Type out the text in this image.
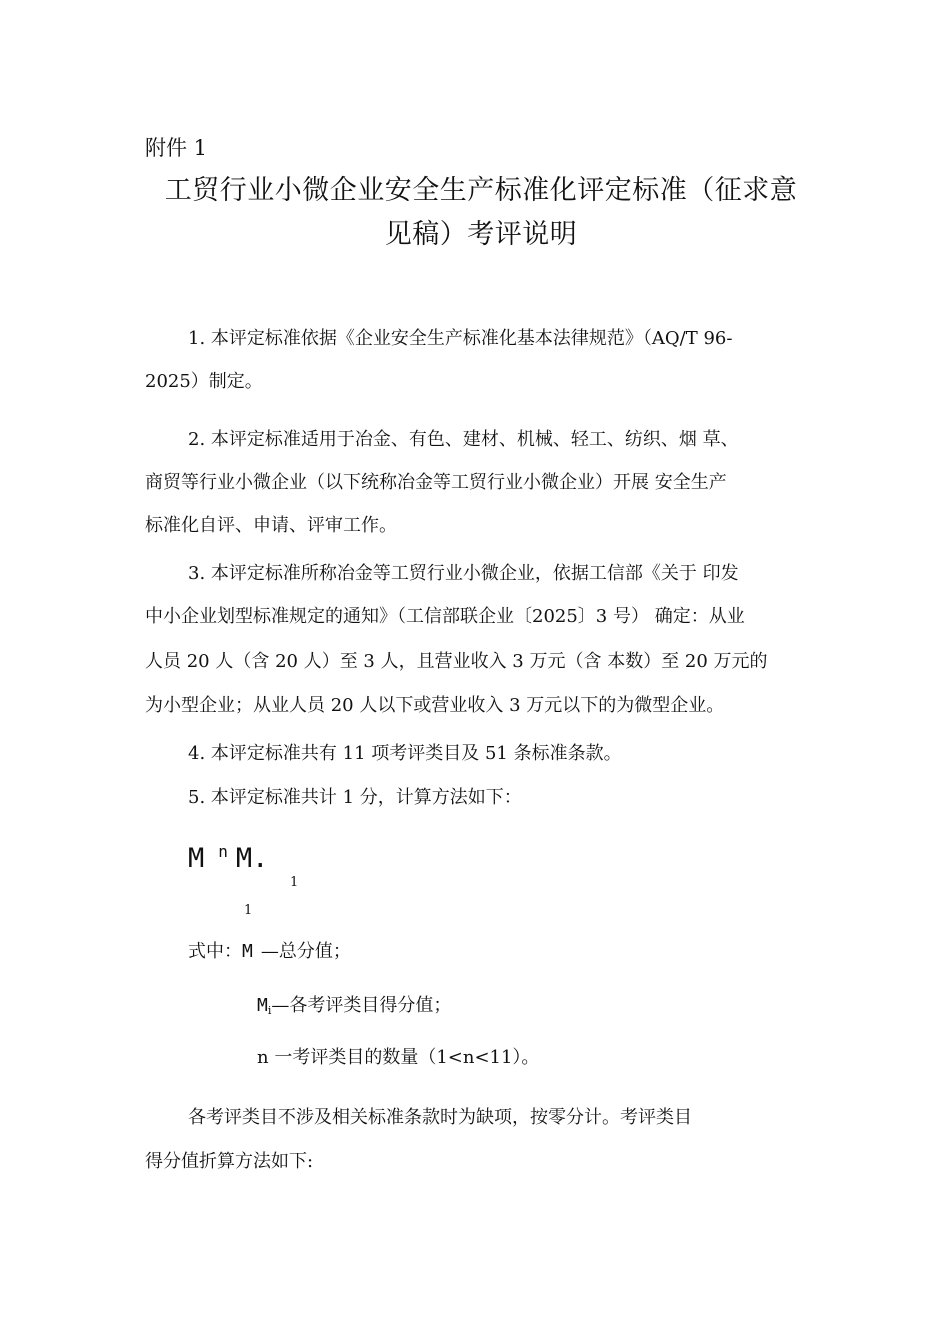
附件 1

工贸行业小微企业安全生产标准化评定标准（征求意

见稿）考评说明

1. 本评定标准依据《企业安全生产标准化基本法律规范》（AQ/T 96-

2025）制定。

2. 本评定标准适用于冶金、有色、建材、机械、轻工、纺织、烟 草、

商贸等行业小微企业（以下统称冶金等工贸行业小微企业）开展 安全生产

标准化自评、申请、评审工作。

3. 本评定标准所称冶金等工贸行业小微企业，依据工信部《关于 印发

中小企业划型标准规定的通知》（工信部联企业〔2025〕3 号） 确定：从业

人员 20 人（含 20 人）至 3 人，且营业收入 3 万元（含 本数）至 20 万元的

为小型企业；从业人员 20 人以下或营业收入 3 万元以下的为微型企业。

4. 本评定标准共有 11 项考评类目及 51 条标准条款。

5. 本评定标准共计 1 分，计算方法如下：

M $^n$ M.
1
1

式中：M —总分值；

Mi—各考评类目得分值；

n 一考评类目的数量（1<n<11）。

各考评类目不涉及相关标准条款时为缺项，按零分计。考评类目

得分值折算方法如下:
